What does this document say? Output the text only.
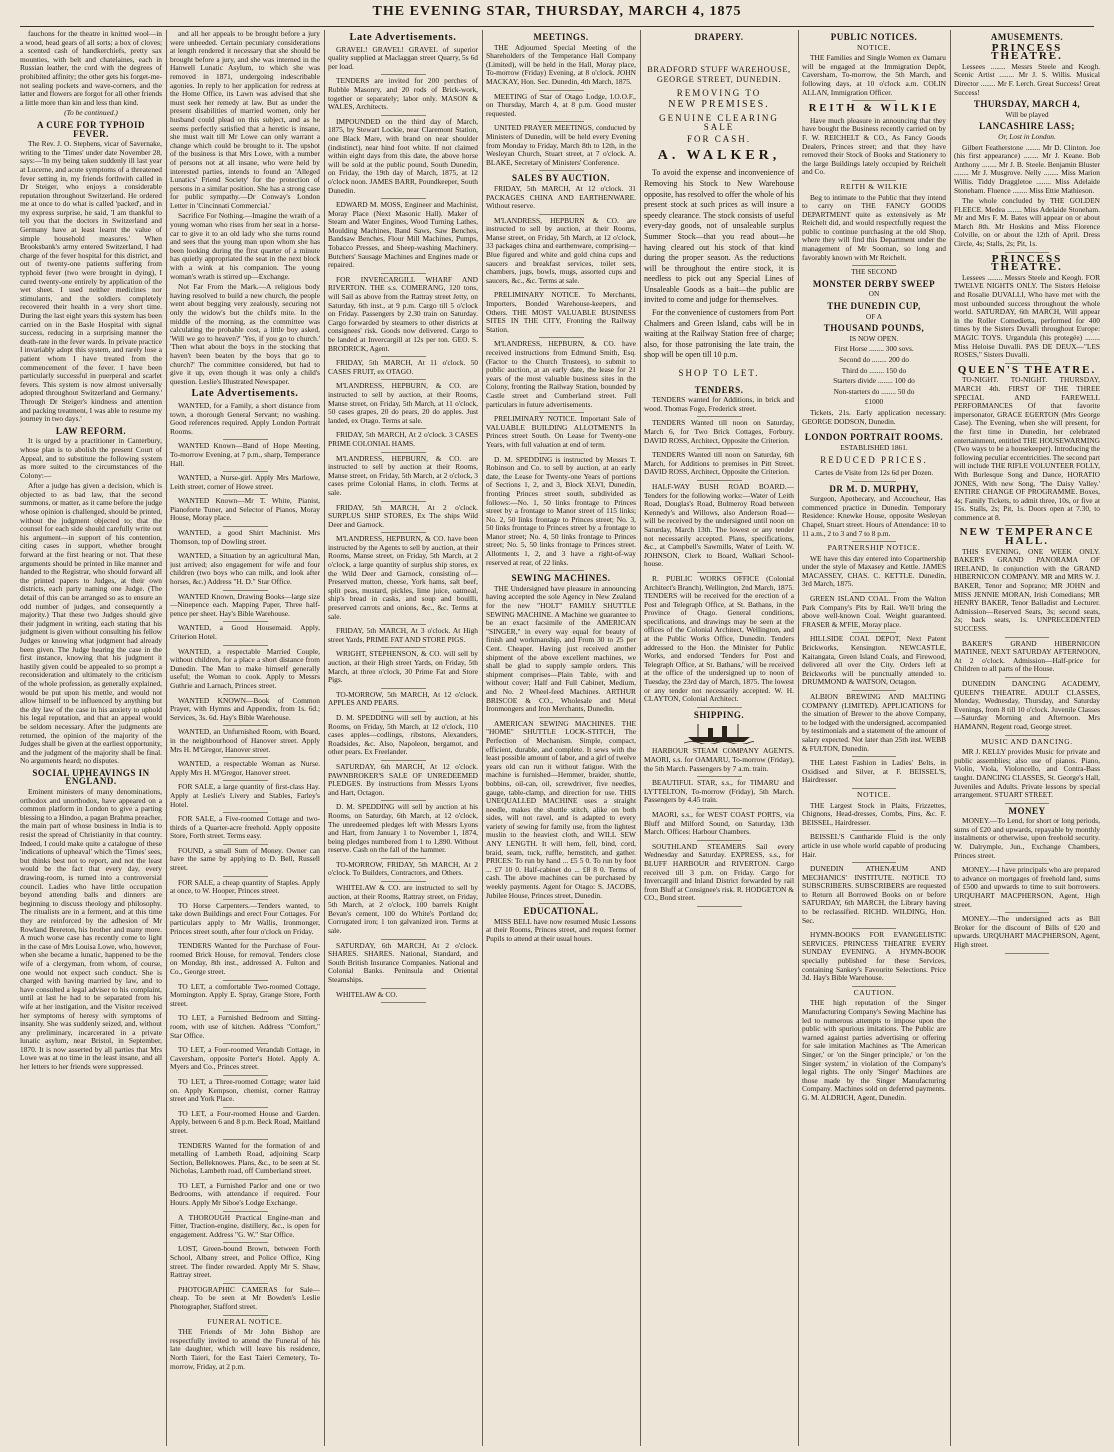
THE EVENING STAR, THURSDAY, MARCH 4, 1875
fauchons for the theatre in knitted wool—in a wood, head gears of all sorts; a box of cloves; a scented cash of handkerchiefs, pretty sax mounties, with belt and chatelaines, each in Russian leather, the cord with the degrees of prohibited affinity; the other gets his forget-me-not sealing pockets and wave-corners, and the latter and flowers are forgot for all other friends a little more than kin and less than kind.
(To be continued.)
A CURE FOR TYPHOID FEVER.
The Rev. J. O. Stephens, vicar of Savernake, writing to the 'Times' under date November 28, says:—'In my being taken suddenly ill last year at Lucerne, and acute symptoms of a threatened fever setting in, my friends forthwith called in Dr Steiger, who enjoys a considerable reputation throughout Switzerland. He ordered me at once to do what is called 'packed', and in my express surprise, he said, 'I am thankful to tell you that the doctors in Switzerland and Germany have at least learnt the value of simple household measures.' When Brooksbank's army entered Switzerland, I had charge of the fever hospital for this district, and out of twenty-one patients suffering from typhoid fever (two were brought in dying), I cured twenty-one entirely by application of the wet sheet. I used neither medicines nor stimulants, and the soldiers completely recovered their health in a very short time. During the last eight years this system has been carried on in the Basle Hospital with signal success, reducing in a surprising manner the death-rate in the fever wards. In private practice I invariably adopt this system, and rarely lose a patient whom I have treated from the commencement of the fever. I have been particularly successful in puerperal and scarlet fevers. This system is now almost universally adopted throughout Switzerland and Germany.' Through Dr Steiger's kindness and attention and packing treatment, I was able to resume my journey in two days.'
LAW REFORM.
It is urged by a practitioner in Canterbury, whose plan is to abolish the present Court of Appeal, and to substitute the following system as more suited to the circumstances of the Colony:—
After a judge has given a decision, which is objected to as bad law, that the second summons, or matter, as it came before the judge whose opinion is challenged, should be printed, without the judgment objected to; that the counsel for each side should carefully write out his argument—in support of his contention, citing cases in support, whether brought forward at the first hearing or not. That these arguments should be printed in like manner and handed to the Registrar, who should forward all the printed papers to Judges, at their own districts, each party naming one Judge. (The detail of this can be arranged so as to ensure an odd number of judges, and consequently a majority.) That these two Judges should give their judgment in writing, each stating that his judgment is given without consulting his fellow Judges or knowing what judgment had already been given. The Judge hearing the case in the first instance, knowing that his judgment it hastily given could be appealed to so prompt a reconsideration and ultimately to the criticism of the whole profession, as generally explained, would be put upon his mettle, and would not allow himself to be influenced by anything but the dry law of the case in his anxiety to uphold his legal reputation, and that an appeal would be seldom necessary. After the judgments are returned, the opinion of the majority of the Judges shall be given at the earliest opportunity, and the judgment of the majority shall be final. No arguments heard; no disputes.
SOCIAL UPHEAVINGS IN ENGLAND.
Eminent ministers of many denominations, orthodox and unorthodox, have appeared on a common platform in London to give a parting blessing to a Hindoo, a pagan Brahma preacher, the main part of whose business in India is to resist the spread of Christianity in that country. Indeed, I could make quite a catalogue of these 'indications of upheaval' which the 'Times' sees, but thinks best not to report, and not the least would be the fact that every day, every drawing-room, is turned into a controversial council. Ladies who have little occupation beyond attending balls and dinners are beginning to discuss theology and philosophy. The ritualists are in a ferment, and at this time they are reinforced by the adhesion of Mr Rowland Brereton, his brother and many more. A much worse case has recently come to light in the case of Mrs Louisa Lowe, who, however, when she became a lunatic, happened to be the wife of a clergyman, from whom, of course, one would not expect such conduct. She is charged with having married by law, and to have consulted a legal adviser to his complaint, until at last he had to be separated from his wife at her instigation, and the Visitor received her symptoms of heresy with symptoms of insanity. She was suddenly seized, and, without any preliminary, incarcerated in a private lunatic asylum, near Bristol, in September, 1870. It is now asserted by all parties that Mrs Lowe was at no time in the least insane, and all her letters to her friends were suppressed.
and all her appeals to be brought before a jury were unheeded. Certain pecuniary considerations at length rendered it necessary that she should be brought before a jury, and she was interned in the Hanwell Lunatic Asylum, to which she was removed in 1871, undergoing indescribable agonies. In reply to her application for redress at the Home Office, its Lawn was advised that she must seek her remedy at law. But as under the present disabilities of married women, only her husband could plead on this subject, and as he seems perfectly satisfied that a heretic is insane, she must wait till Mr Lowe can only warrant a change which could be brought to it. The upshot of the business is that Mrs Lowe, with a number of persons not at all insane, who were held by interested parties, intends to found an 'Alleged Lunatics' Friend Society' for the protection of persons in a similar position. She has a strong case for public sympathy.—Dr Conway's London Letter in 'Cincinnati Commercial.'
Sacrifice For Nothing.—Imagine the wrath of a young woman who rises from her seat in a horse-car to give it to an old lady who she turns round and sees that the young man upon whom she has been looking during the first quarter of a minute has quietly appropriated the seat in the next block with a wink at his companion. The young woman's wrath is stirred up—Exchange.
Not Far From the Mark.—A religious body having resolved to build a new church, the people went about begging very zealously, securing not only the widow's but the child's mite. In the middle of the morning, as the committee was calculating the probable cost, a little boy asked, 'Will we go to heaven?' 'Yes, if you go to church.' 'Then what about the boys in the stocking that haven't been beaten by the boys that go to church?' The committee considered, but had to give it up, even though it was only a child's question. Leslie's Illustrated Newspaper.
Late Advertisements.
WANTED, for a Family, a short distance from town, a thorough General Servant; no washing. Good references required. Apply London Portrait Rooms.
WANTED Known—Band of Hope Meeting, To-morrow Evening, at 7 p.m., sharp, Temperance Hall.
WANTED, a Nurse-girl. Apply Mrs Marlowe, Leith street, corner of Howe street.
WANTED Known—Mr T. White, Pianist, Pianoforte Tuner, and Selector of Pianos, Moray House, Moray place.
WANTED, a good Shirt Machinist. Mrs Thomson, top of Dowling street.
WANTED, a Situation by an agricultural Man, just arrived; also engagement for wife and four children (two boys who can milk, and look after horses, &c.) Address "H. D." Star Office.
WANTED Known, Drawing Books—large size—Ninepence each. Mapping Paper, Three half-pence per sheet. Hay's Bible Warehouse.
WANTED, a Good Housemaid. Apply, Criterion Hotel.
WANTED, a respectable Married Couple, without children, for a place a short distance from Dunedin. The Man to make himself generally useful; the Woman to cook. Apply to Messrs Guthrie and Larnach, Princes street.
WANTED KNOWN—Book of Common Prayer, with Hymns and Appendix, from 1s. 6d.; Services, 3s. 6d. Hay's Bible Warehouse.
WANTED, an Unfurnished Room, with Board, in the neighbourhood of Hanover street. Apply Mrs H. M'Gregor, Hanover street.
WANTED, a respectable Woman as Nurse. Apply Mrs H. M'Gregor, Hanover street.
FOR SALE, a large quantity of first-class Hay. Apply at Leslie's Livery and Stables, Farley's Hotel.
FOR SALE, a Five-roomed Cottage and two-thirds of a Quarter-acre freehold. Apply opposite Store, Forth street. Terms easy.
FOUND, a small Sum of Money. Owner can have the same by applying to D. Bell, Russell street.
FOR SALE, a cheap quantity of Staples. Apply at once, to W. Hooper, Princes street.
TO Horse Carpenters.—Tenders wanted, to take down Buildings and erect Four Cottages. For particulars apply to Mr Wallis, Ironmonger, Princes street south, after four o'clock on Friday.
TENDERS Wanted for the Purchase of Four-roomed Brick House, for removal. Tenders close on Monday, 8th inst., addressed A. Fulton and Co., George street.
TO LET, a comfortable Two-roomed Cottage, Mornington. Apply E. Spray, Grange Store, Forth street.
TO LET, a Furnished Bedroom and Sitting-room, with use of kitchen. Address "Comfort," Star Office.
TO LET, a Four-roomed Verandah Cottage, in Caversham, opposite Porter's Hotel. Apply A. Myers and Co., Princes street.
TO LET, a Three-roomed Cottage; water laid on. Apply Kempson, chemist, corner Rattray street and York Place.
TO LET, a Four-roomed House and Garden. Apply, between 6 and 8 p.m. Beck Road, Maitland street.
TENDERS Wanted for the formation of and metalling of Lambeth Road, adjoining Scarp Section, Belleknowes. Plans, &c., to be seen at St. Nicholas, Lambeth road, off Cumberland street.
TO LET, a Furnished Parlor and one or two Bedrooms, with attendance if required. Four Hours. Apply Mr Siboe's Lodge Exchange.
A THOROUGH Practical Engine-man and Fitter, Traction-engine, distillery, &c., is open for engagement. Address "G. W." Star Office.
LOST, Green-bound Brown, between Forth School, Albany street, and Police Office, King street. The finder rewarded. Apply Mr S. Shaw, Rattray street.
PHOTOGRAPHIC CAMERAS for Sale—cheap. To be seen at Mr Bowden's Leslie Photographer, Stafford street.
FUNERAL NOTICE.
THE Friends of Mr John Bishop are respectfully invited to attend the Funeral of his late daughter, which will leave his residence, North Taieri, for the East Taieri Cemetery, To-morrow, Friday, at 2 p.m.
Late Advertisements.
GRAVEL! GRAVEL! GRAVEL of superior quality supplied at Maclaggan street Quarry, 5s 6d per load.
TENDERS are invited for 200 perches of Rubble Masonry, and 20 rods of Brick-work, together or separately; labor only. MASON & WALES, Architects.
IMPOUNDED on the third day of March, 1875, by Stewart Lockie, near Claremont Station, one Black Mare, with brand on near shoulder (indistinct), near hind foot white. If not claimed within eight days from this date, the above horse will be sold at the public pound, South Dunedin, on Friday, the 19th day of March, 1875, at 12 o'clock noon. JAMES BARR, Poundkeeper, South Dunedin.
EDWARD M. MOSS, Engineer and Machinist, Moray Place (Next Masonic Hall). Maker of Steam and Water Engines, Wood Turning Lathes, Moulding Machines, Band Saws, Saw Benches, Bandsaw Benches, Flour Mill Machines, Pumps, Tobacco Presses, and Sheep-washing Machinery. Butchers' Sausage Machines and Engines made or repaired.
FOR INVERCARGILL WHARF AND RIVERTON. THE s.s. COMERANG, 120 tons, will Sail as above from the Rattray street Jetty, on Saturday, 6th inst., at 9 p.m. Cargo till 5 o'clock on Friday. Passengers by 2.30 train on Saturday. Cargo forwarded by steamers to other districts at consignees' risk. Goods now delivered. Cargo to be landed at Invercargill at 12s per ton. GEO. S. BRODRICK, Agent.
FRIDAY, 5th MARCH, At 11 o'clock. 50 CASES FRUIT, ex OTAGO.
M'LANDRESS, HEPBURN, & CO. are instructed to sell by auction, at their Rooms, Manse street, on Friday, 5th March, at 11 o'clock, 50 cases grapes, 20 do pears, 20 do apples. Just landed, ex Otago. Terms at sale.
FRIDAY, 5th MARCH, At 2 o'clock. 3 CASES PRIME COLONIAL HAMS.
M'LANDRESS, HEPBURN, & CO. are instructed to sell by auction at their Rooms, Manse street, on Friday, 5th March, at 2 o'clock, 3 cases prime Colonial Hams, in cloth. Terms at sale.
FRIDAY, 5th MARCH, At 2 o'clock. SURPLUS SHIP STORES, Ex The ships Wild Deer and Garnock.
M'LANDRESS, HEPBURN, & CO. have been instructed by the Agents to sell by auction, at their Rooms, Manse street, on Friday, 5th March, at 2 o'clock, a large quantity of surplus ship stores, ex the Wild Deer and Garnock, consisting of—Preserved mutton, cheese, York hams, salt beef, split peas, mustard, pickles, lime juice, oatmeal, ship's bread in casks, and soup and bouilli, preserved carrots and onions, &c., &c. Terms at sale.
FRIDAY, 5th MARCH, At 3 o'clock. At High street Yards, PRIME FAT AND STORE PIGS.
WRIGHT, STEPHENSON, & CO. will sell by auction, at their High street Yards, on Friday, 5th March, at three o'clock, 30 Prime Fat and Store Pigs.
TO-MORROW, 5th MARCH, At 12 o'clock. APPLES AND PEARS.
D. M. SPEDDING will sell by auction, at his Rooms, on Friday, 5th March, at 12 o'clock, 110 cases apples—codlings, ribstons, Alexanders, Roadsides, &c. Also, Napoleon, bergamot, and other pears. Ex Freelander.
SATURDAY, 6th MARCH, At 12 o'clock. PAWNBROKER'S SALE OF UNREDEEMED PLEDGES. By instructions from Messrs Lyons and Hart, Octagon.
D. M. SPEDDING will sell by auction at his Rooms, on Saturday, 6th March, at 12 o'clock, The unredeemed pledges left with Messrs Lyons and Hart, from January 1 to November 1, 1874, being pledges numbered from 1 to 1,890. Without reserve. Cash on the fall of the hammer.
TO-MORROW, FRIDAY, 5th MARCH, At 2 o'clock. To Builders, Contractors, and Others.
WHITELAW & CO. are instructed to sell by auction, at their Rooms, Rattray street, on Friday, 5th March, at 2 o'clock, 100 barrels Knight Bevan's cement, 100 do White's Portland do; Corrugated iron; 1 ton galvanized iron. Terms at sale.
SATURDAY, 6th MARCH, At 2 o'clock. SHARES. SHARES. National, Standard, and South British Insurance Companies. National and Colonial Banks. Peninsula and Oriental Steamships.
WHITELAW & CO.
MEETINGS.
THE Adjourned Special Meeting of the Shareholders of the Temperance Hall Company (Limited), will be held in the Hall, Moray place, To-morrow (Friday) Evening, at 8 o'clock. JOHN MACKAY, Hon. Sec. Dunedin, 4th March, 1875.
MEETING of Star of Otago Lodge, I.O.O.F., on Thursday, March 4, at 8 p.m. Good muster requested.
UNITED PRAYER MEETINGS, conducted by Ministers of Dunedin, will be held every Evening from Monday to Friday, March 8th to 12th, in the Wesleyan Church, Stuart street, at 7 o'clock. A. BLAKE, Secretary of Ministers' Conference.
SALES BY AUCTION.
FRIDAY, 5th MARCH, At 12 o'clock. 31 PACKAGES CHINA AND EARTHENWARE. Without reserve.
M'LANDRESS, HEPBURN & CO. are instructed to sell by auction, at their Rooms, Manse street, on Friday, 5th March, at 12 o'clock, 33 packages china and earthenware, comprising—Blue figured and white and gold china cups and saucers and breakfast services, toilet sets, chambers, jugs, bowls, mugs, assorted cups and saucers, &c., &c. Terms at sale.
PRELIMINARY NOTICE. To Merchants, Importers, Bonded Warehouse-keepers, and Others. THE MOST VALUABLE BUSINESS SITES IN THE CITY, Fronting the Railway Station.
M'LANDRESS, HEPBURN, & CO. have received instructions from Edmund Smith, Esq. (Factor to the Church Trustees), to submit to public auction, at an early date, the lease for 21 years of the most valuable business sites in the Colony, fronting the Railway Station, bounded by Castle street and Cumberland street. Full particulars in future advertisements.
PRELIMINARY NOTICE. Important Sale of VALUABLE BUILDING ALLOTMENTS In Princes street South. On Lease for Twenty-one Years, with full valuation at end of term.
D. M. SPEDDING is instructed by Messrs T. Robinson and Co. to sell by auction, at an early date, the Lease for Twenty-one Years of portions of Sections 1, 2, and 3, Block XLVI, Dunedin, fronting Princes street south, subdivided as follows:—No. 1, 50 links frontage to Princes street by a frontage to Manor street of 115 links; No. 2, 50 links frontage to Princes street; No. 3, 50 links frontage to Princes street by a frontage to Manor street; No. 4, 50 links frontage to Princes street; No. 5, 50 links frontage to Princes street. Allotments 1, 2, and 3 have a right-of-way reserved at rear, of 22 links.
SEWING MACHINES.
THE Undersigned have pleasure in announcing having accepted the sole Agency in New Zealand for the new "HOLT" FAMILY SHUTTLE SEWING MACHINE. A Machine we guarantee to be an exact facsimile of the AMERICAN "SINGER," in every way equal for beauty of finish and workmanship, and From 30 to 25 per Cent. Cheaper. Having just received another shipment of the above excellent machines, we shall be glad to supply sample orders. This shipment comprises—Plain Table, with and without cover; Half and Full Cabinet, Medium, and No. 2 Wheel-feed Machines. ARTHUR BRISCOE & CO., Wholesale and Metal Ironmongers and Iron Merchants, Dunedin.
AMERICAN SEWING MACHINES. THE "HOME" SHUTTLE LOCK-STITCH, The Perfection of Mechanism. Simple, compact, efficient, durable, and complete. It sews with the least possible amount of labor, and a girl of twelve years old can run it without fatigue. With the machine is furnished—Hemmer, braider, shuttle, bobbins, oil-can, oil, screwdriver, five needles, gauge, table-clamp, and direction for use. THIS UNEQUALLED MACHINE uses a straight needle, makes the shuttle stitch, alike on both sides, will not ravel, and is adapted to every variety of sewing for family use, from the lightest muslin to the heaviest cloth, and WILL SEW ANY LENGTH. It will hem, fell, bind, cord, braid, seam, tuck, ruffle, hemstitch, and gather. PRICES: To run by hand ... £5 5 0. To run by foot ... £7 10 0. Half-cabinet do ... £8 8 0. Terms of cash. The above machines can be purchased by weekly payments. Agent for Otago: S. JACOBS, Jubilee House, Princes street, Dunedin.
EDUCATIONAL.
MISS BELL have now resumed Music Lessons at their Rooms, Princes street, and request former Pupils to attend at their usual hours.
DRAPERY.
BRADFORD STUFF WAREHOUSE,
GEORGE STREET, DUNEDIN.
REMOVING TO
NEW PREMISES.
GENUINE CLEARING SALE
FOR CASH.
A. WALKER,
To avoid the expense and inconvenience of Removing his Stock to New Warehouse opposite, has resolved to offer the whole of his present stock at such prices as will insure a speedy clearance. The stock consists of useful every-day goods, not of unsaleable surplus Summer Stock—that you read about—he having cleared out his stock of that kind during the proper season. As the reductions will be throughout the entire stock, it is needless to pick out any Special Lines of Unsaleable Goods as a bait—the public are invited to come and judge for themselves.
For the convenience of customers from Port Chalmers and Green Island, cabs will be in waiting at the Railway Station free of charge; also, for those patronising the late train, the shop will be open till 10 p.m.
SHOP TO LET.
TENDERS.
TENDERS wanted for Additions, in brick and wood. Thomas Fogo, Frederick street.
TENDERS Wanted till noon on Saturday, March 6, for Two Brick Cottages, Forbury. DAVID ROSS, Architect, Opposite the Criterion.
TENDERS Wanted till noon on Saturday, 6th March, for Additions to premises in Pitt Street. DAVID ROSS, Architect, Opposite the Criterion.
HALF-WAY BUSH ROAD BOARD.—Tenders for the following works:—Water of Leith Road, Douglas's Road, Bulmeroy Road between Kennedy's and Willows, also Anderson Road—will be received by the undersigned until noon on Saturday, March 13th. The lowest or any tender not necessarily accepted. Plans, specifications, &c., at Campbell's Sawmills, Water of Leith. W. JOHNSON, Clerk to Board, Walkari School-house.
R. PUBLIC WORKS OFFICE (Colonial Architect's Branch), Wellington, 2nd March, 1875. TENDERS will be received for the erection of a Post and Telegraph Office, at St. Bathans, in the Province of Otago. General conditions, specifications, and drawings may be seen at the offices of the Colonial Architect, Wellington, and at the Public Works Office, Dunedin. Tenders addressed to the Hon. the Minister for Public Works, and endorsed 'Tenders for Post and Telegraph Office, at St. Bathans,' will be received at the office of the undersigned up to noon of Tuesday, the 23rd day of March, 1875. The lowest or any tender not necessarily accepted. W. H. CLAYTON, Colonial Architect.
SHIPPING.
HARBOUR STEAM COMPANY AGENTS. MAORI, s.s. for OAMARU, To-morrow (Friday), the 5th March. Passengers by 7 a.m. train.
BEAUTIFUL STAR, s.s., for TIMARU and LYTTELTON, To-morrow (Friday), 5th March. Passengers by 4.45 train.
MAORI, s.s., for WEST COAST PORTS, via Bluff and Milford Sound, on Saturday, 13th March. Offices: Harbour Chambers.
SOUTHLAND STEAMERS Sail every Wednesday and Saturday. EXPRESS, s.s., for BLUFF HARBOUR and RIVERTON. Cargo received till 3 p.m. on Friday. Cargo for Invercargill and Inland District forwarded by rail from Bluff at Consignee's risk. R. HODGETON & CO., Bond street.
PUBLIC NOTICES.
NOTICE.
THE Families and Single Women ex Oamaru will be engaged at the Immigration Depôt, Caversham, To-morrow, the 5th March, and following days, at 10 o'clock a.m. COLIN ALLAN, Immigration Officer.
REITH & WILKIE
Have much pleasure in announcing that they have bought the Business recently carried on by F. W. REICHELT & CO., As Fancy Goods Dealers, Princes street; and that they have removed their Stock of Books and Stationery to the large Buildings lately occupied by Reichelt and Co.
REITH & WILKIE
Beg to intimate to the Public that they intend to carry on THE FANCY GOODS DEPARTMENT quite as extensively as Mr Reichelt did, and would respectfully request the public to continue purchasing at the old Shop, where they will find this Department under the management of Mr Sooman, so long and favorably known with Mr Reichelt.
THE SECOND
MONSTER DERBY SWEEP
ON
THE DUNEDIN CUP,
OF A
THOUSAND POUNDS,
IS NOW OPEN.
First Horse ........ 300 sovs.
Second do ........ 200 do
Third do ........ 150 do
Starters divide ........ 100 do
Non-starters do ........ 50 do
£1000
Tickets, 21s. Early application necessary. GEORGE DODSON, Dunedin.
LONDON PORTRAIT ROOMS.
ESTABLISHED 1861.
REDUCED PRICES.
Cartes de Visite from 12s 6d per Dozen.
DR M. D. MURPHY,
Surgeon, Apothecary, and Accoucheur, Has commenced practice in Dunedin. Temporary Residence: Knewke House, opposite Wesleyan Chapel, Stuart street. Hours of Attendance: 10 to 11 a.m., 2 to 3 and 7 to 8 p.m.
PARTNERSHIP NOTICE.
WE have this day entered into Copartnership under the style of Maxasey and Kettle. JAMES MACASSEY, CHAS. C. KETTLE. Dunedin, 3rd March, 1875.
GREEN ISLAND COAL. From the Walton Park Company's Pits by Rail. We'll bring the above well-known Coal. Weight guaranteed. FRASER & M'FIE, Moray place.
HILLSIDE COAL DEPOT, Next Patent Brickworks, Kensington. NEWCASTLE, Kaitangata, Green Island Coals, and Firewood, delivered all over the City. Orders left at Brickworks will be punctually attended to. DRUMMOND & WATSON, Octagon.
ALBION BREWING AND MALTING COMPANY (LIMITED). APPLICATIONS for the situation of Brewer to the above Company, to be lodged with the undersigned, accompanied by testimonials and a statement of the amount of salary expected. Not later than 25th inst. WEBB & FULTON, Dunedin.
THE Latest Fashion in Ladies' Belts, in Oxidised and Silver, at F. BEISSEL'S, Hairdresser.
NOTICE.
THE Largest Stock in Plaits, Frizzettes, Chignons, Head-dresses, Combs, Pins, &c. F. BEISSEL, Hairdresser.
BEISSEL'S Cantharide Fluid is the only article in use whole world capable of producing Hair.
DUNEDIN ATHENÆUM AND MECHANICS' INSTITUTE. NOTICE TO SUBSCRIBERS. SUBSCRIBERS are requested to Return all Borrowed Books on or before SATURDAY, 6th MARCH, the Library having to be reclassified. RICHD. WILDING, Hon. Sec.
HYMN-BOOKS FOR EVANGELISTIC SERVICES. PRINCESS THEATRE EVERY SUNDAY EVENING. A HYMN-BOOK specially published for these Services, containing Sankey's Favourite Selections. Price 3d. Hay's Bible Warehouse.
CAUTION.
THE high reputation of the Singer Manufacturing Company's Sewing Machine has led to numerous attempts to impose upon the public with spurious imitations. The Public are warned against parties advertising or offering for sale imitation Machines as 'The American Singer,' or 'on the Singer principle,' or 'on the Singer system,' in violation of the Company's legal rights. The only 'Singer' Machines are those made by the Singer Manufacturing Company. Machines sold on deferred payments. G. M. ALDRICH, Agent, Dunedin.
AMUSEMENTS.
PRINCESS THEATRE.
Lessees ........ Messrs Steele and Keogh. Scenic Artist ........ Mr J. S. Willis. Musical Director ........ Mr F. Lerch. Great Success! Great Success!
THURSDAY, MARCH 4,
Will be played
LANCASHIRE LASS;
Or, Lost in London.
Gilbert Featherstone ........ Mr D. Clinton. Joe (his first appearance) ........ Mr J. Keane. Bob Anthony ........ Mr J. B. Steele. Benjamin Bluster ........ Mr J. Musgrove. Nelly ........ Miss Marion Willis. Tiddy Draggletoe ........ Miss Adelaide Stoneham. Fluence ........ Miss Ettie Mathieson.
The whole concluded by THE GOLDEN FLEECE. Medea ........ Miss Adelaide Stoneham. Mr and Mrs F. M. Bates will appear on or about March 8th. Mr Hoskins and Miss Florence Colville, on or about the 12th of April. Dress Circle, 4s; Stalls, 2s; Pit, 1s.
PRINCESS THEATRE.
Lessees ........ Messrs Steele and Keogh. FOR TWELVE NIGHTS ONLY. The Sisters Heloise and Rosalie DUVALLI, Who have met with the most unbounded success throughout the whole world. SATURDAY, 6th MARCH, Will appear in the Roller Comedietta, performed for 400 times by the Sisters Duvalli throughout Europe: MAGIC TOYS. Urgandula (his protegée) ........ Miss Heloise Duvalli. PAS DE DEUX—"LES ROSES," Sisters Duvalli.
QUEEN'S THEATRE.
TO-NIGHT. TO-NIGHT. THURSDAY, MARCH 4th. FIRST OF THE THREE SPECIAL AND FAREWELL PERFORMANCES Of that favorite impersonator, GRACE EGERTON (Mrs George Case). The Evening, when she will present, for the first time in Dunedin, her celebrated entertainment, entitled THE HOUSEWARMING (Two ways to be a housekeeper). Introducing the following peculiar eccentricities. The second part will include THE RIFLE VOLUNTEER FOLLY, With Burlesque Song and Dance, HORATIO JONES, With new Song, 'The Daisy Valley.' ENTIRE CHANGE OF PROGRAMME. Boxes, 4s; Family Tickets, to admit three, 10s, or five at 15s. Stalls, 2s; Pit, 1s. Doors open at 7.30, to commence at 8.
NEW TEMPERANCE HALL.
THIS EVENING, ONE WEEK ONLY. BAKER'S GRAND PANORAMA OF IRELAND, In conjunction with the GRAND HIBERNICON COMPANY. MR and MRS W. J. BAKER, Tenor and Soprano; MR JOHN and MISS JENNIE MORAN, Irish Comedians; MR HENRY BAKER, Tenor Balladist and Lecturer. Admission—Reserved Seats, 3s; second seats, 2s; back seats, 1s. UNPRECEDENTED SUCCESS.
BAKER'S GRAND HIBERNICON MATINEE, NEXT SATURDAY AFTERNOON, At 2 o'clock. Admission—Half-price for Children to all parts of the House.
DUNEDIN DANCING ACADEMY, QUEEN'S THEATRE. ADULT CLASSES, Monday, Wednesday, Thursday, and Saturday Evenings, from 8 till 10 o'clock. Juvenile Classes—Saturday Morning and Afternoon. Mrs HAMANN, Regent road, George street.
MUSIC AND DANCING.
MR J. KELLY provides Music for private and public assemblies; also use of pianos. Piano, Violin, Viola, Violoncello, and Contra-Bass taught. DANCING CLASSES, St. George's Hall, Juveniles and Adults. Private lessons by special arrangement. STUART STREET.
MONEY
MONEY.—To Lend, for short or long periods, sums of £20 and upwards, repayable by monthly instalments or otherwise, upon freehold security. W. Dalrymple, Jun., Exchange Chambers, Princes street.
MONEY.—I have principals who are prepared to advance on mortgages of freehold land, sums of £500 and upwards to time to suit borrowers. URQUHART MACPHERSON, Agent, High street.
MONEY.—The undersigned acts as Bill Broker for the discount of Bills of £20 and upwards. URQUHART MACPHERSON, Agent, High street.
